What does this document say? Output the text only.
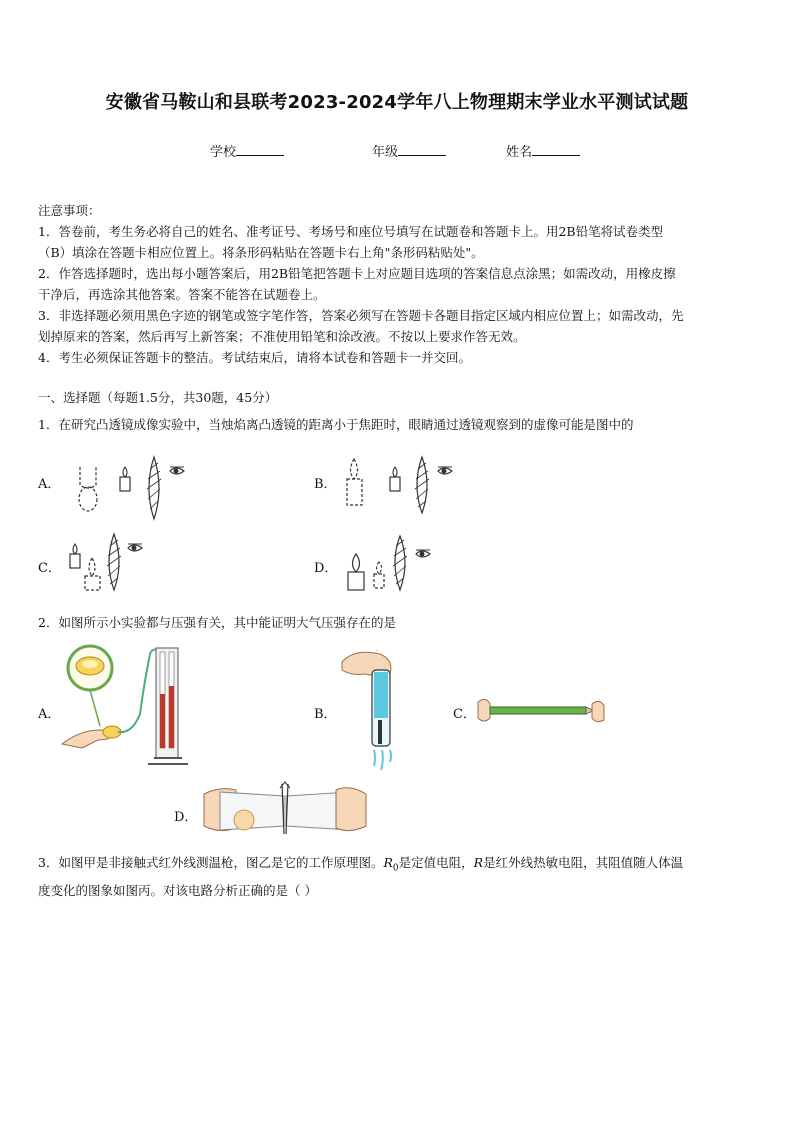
安徽省马鞍山和县联考2023-2024学年八上物理期末学业水平测试试题
学校	年级	姓名
注意事项：
1．答卷前，考生务必将自己的姓名、准考证号、考场号和座位号填写在试题卷和答题卡上。用2B铅笔将试卷类型
（B）填涂在答题卡相应位置上。将条形码粘贴在答题卡右上角"条形码粘贴处"。
2．作答选择题时，选出每小题答案后，用2B铅笔把答题卡上对应题目选项的答案信息点涂黑；如需改动，用橡皮擦
干净后，再选涂其他答案。答案不能答在试题卷上。
3．非选择题必须用黑色字迹的钢笔或签字笔作答，答案必须写在答题卡各题目指定区域内相应位置上；如需改动，先
划掉原来的答案，然后再写上新答案；不准使用铅笔和涂改液。不按以上要求作答无效。
4．考生必须保证答题卡的整洁。考试结束后，请将本试卷和答题卡一并交回。
一、选择题（每题1.5分，共30题，45分）
1．在研究凸透镜成像实验中，当烛焰离凸透镜的距离小于焦距时，眼睛通过透镜观察到的虚像可能是图中的
A．	B．
C．	D．
2．如图所示小实验都与压强有关，其中能证明大气压强存在的是
A．	B．	C．
D．
3．如图甲是非接触式红外线测温枪，图乙是它的工作原理图。$R_0$是定值电阻，R是红外线热敏电阻，其阻值随人体温
度变化的图象如图丙。对该电路分析正确的是（ ）
